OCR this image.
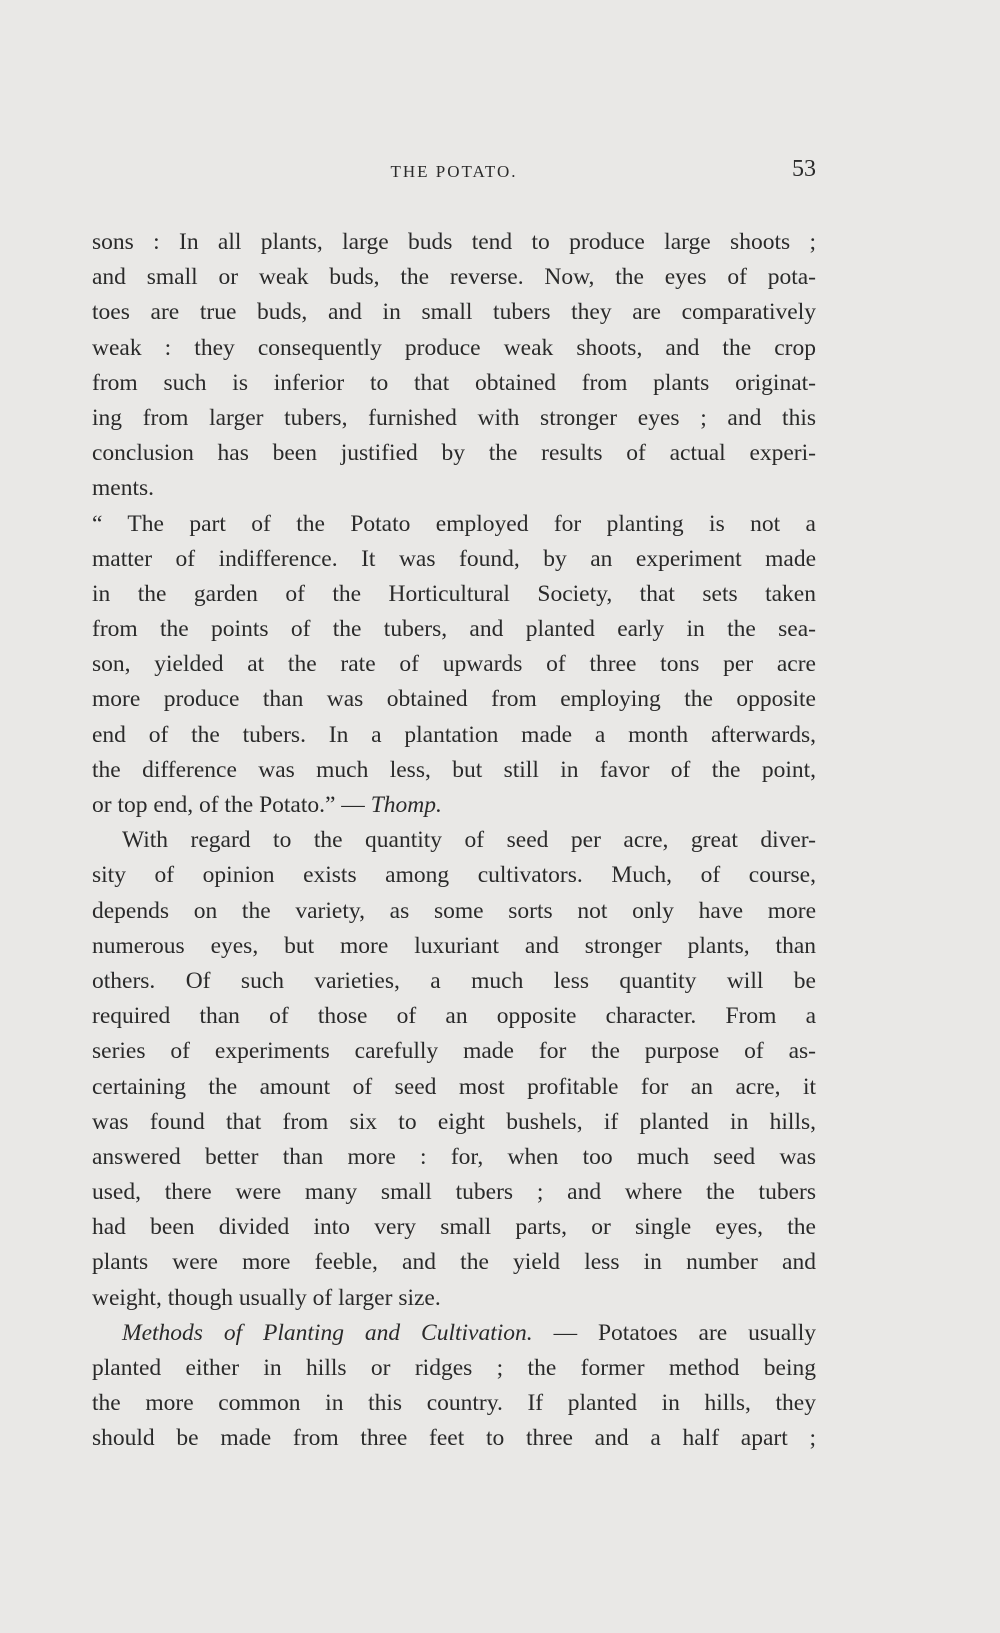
THE POTATO.	53
sons : In all plants, large buds tend to produce large shoots ;
and small or weak buds, the reverse. Now, the eyes of pota-
toes are true buds, and in small tubers they are comparatively
weak : they consequently produce weak shoots, and the crop
from such is inferior to that obtained from plants originat-
ing from larger tubers, furnished with stronger eyes ; and this
conclusion has been justified by the results of actual experi-
ments.
“ The part of the Potato employed for planting is not a
matter of indifference. It was found, by an experiment made
in the garden of the Horticultural Society, that sets taken
from the points of the tubers, and planted early in the sea-
son, yielded at the rate of upwards of three tons per acre
more produce than was obtained from employing the opposite
end of the tubers. In a plantation made a month afterwards,
the difference was much less, but still in favor of the point,
or top end, of the Potato.” — Thomp.
With regard to the quantity of seed per acre, great diver-
sity of opinion exists among cultivators. Much, of course,
depends on the variety, as some sorts not only have more
numerous eyes, but more luxuriant and stronger plants, than
others. Of such varieties, a much less quantity will be
required than of those of an opposite character. From a
series of experiments carefully made for the purpose of as-
certaining the amount of seed most profitable for an acre, it
was found that from six to eight bushels, if planted in hills,
answered better than more : for, when too much seed was
used, there were many small tubers ; and where the tubers
had been divided into very small parts, or single eyes, the
plants were more feeble, and the yield less in number and
weight, though usually of larger size.
Methods of Planting and Cultivation. — Potatoes are usually
planted either in hills or ridges ; the former method being
the more common in this country. If planted in hills, they
should be made from three feet to three and a half apart ;
